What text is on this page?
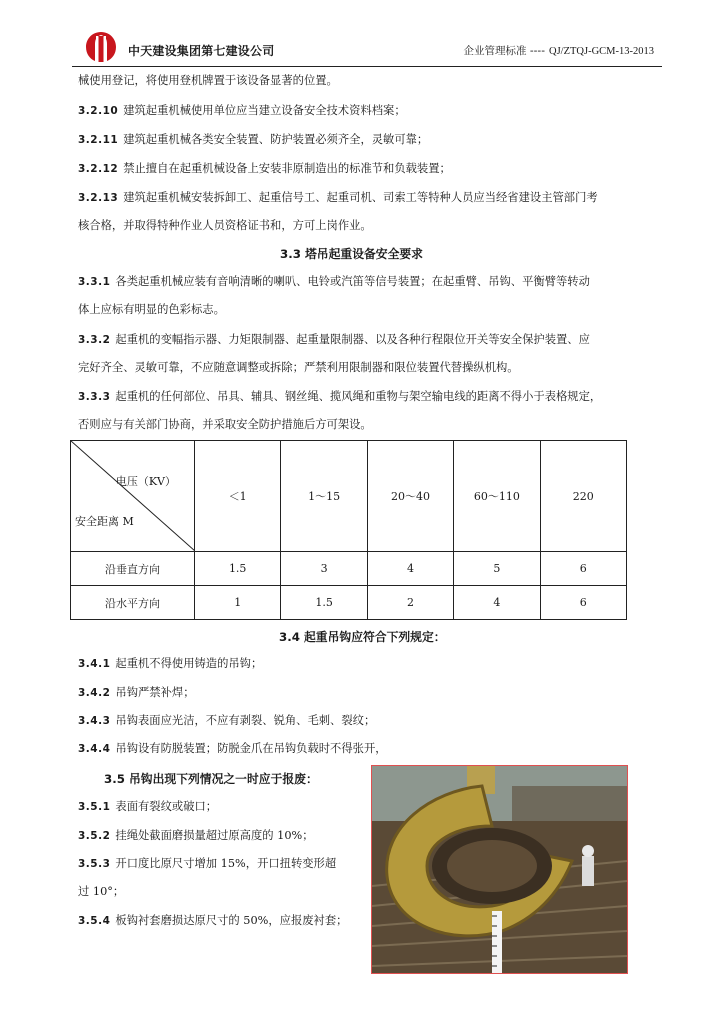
中天建设集团第七建设公司	企业管理标准 ---- QJ/ZTQJ-GCM-13-2013
械使用登记，将使用登机牌置于该设备显著的位置。
3.2.10 建筑起重机械使用单位应当建立设备安全技术资料档案；
3.2.11 建筑起重机械各类安全装置、防护装置必须齐全，灵敏可靠；
3.2.12 禁止擅自在起重机械设备上安装非原制造出的标准节和负载装置；
3.2.13 建筑起重机械安装拆卸工、起重信号工、起重司机、司索工等特种人员应当经省建设主管部门考
核合格，并取得特种作业人员资格证书和，方可上岗作业。
3.3 塔吊起重设备安全要求
3.3.1 各类起重机械应装有音响清晰的喇叭、电铃或汽笛等信号装置；在起重臂、吊钩、平衡臂等转动
体上应标有明显的色彩标志。
3.3.2 起重机的变幅指示器、力矩限制器、起重量限制器、以及各种行程限位开关等安全保护装置、应
完好齐全、灵敏可靠，不应随意调整或拆除；严禁利用限制器和限位装置代替操纵机构。
3.3.3 起重机的任何部位、吊具、辅具、钢丝绳、揽风绳和重物与架空输电线的距离不得小于表格规定，
否则应与有关部门协商，并采取安全防护措施后方可架设。
电压（KV）
安全距离 M	＜1	1～15	20～40	60～110	220
沿垂直方向	1.5	3	4	5	6
沿水平方向	1	1.5	2	4	6
3.4 起重吊钩应符合下列规定：
3.4.1 起重机不得使用铸造的吊钩；
3.4.2 吊钩严禁补焊；
3.4.3 吊钩表面应光洁，不应有剥裂、锐角、毛刺、裂纹；
3.4.4 吊钩设有防脱装置；防脱金爪在吊钩负载时不得张开，
3.5 吊钩出现下列情况之一时应于报废：
3.5.1 表面有裂纹或破口；
3.5.2 挂绳处截面磨损量超过原高度的 10%；
3.5.3 开口度比原尺寸增加 15%，开口扭转变形超
过 10°；
3.5.4 板钩衬套磨损达原尺寸的 50%，应报废衬套；
